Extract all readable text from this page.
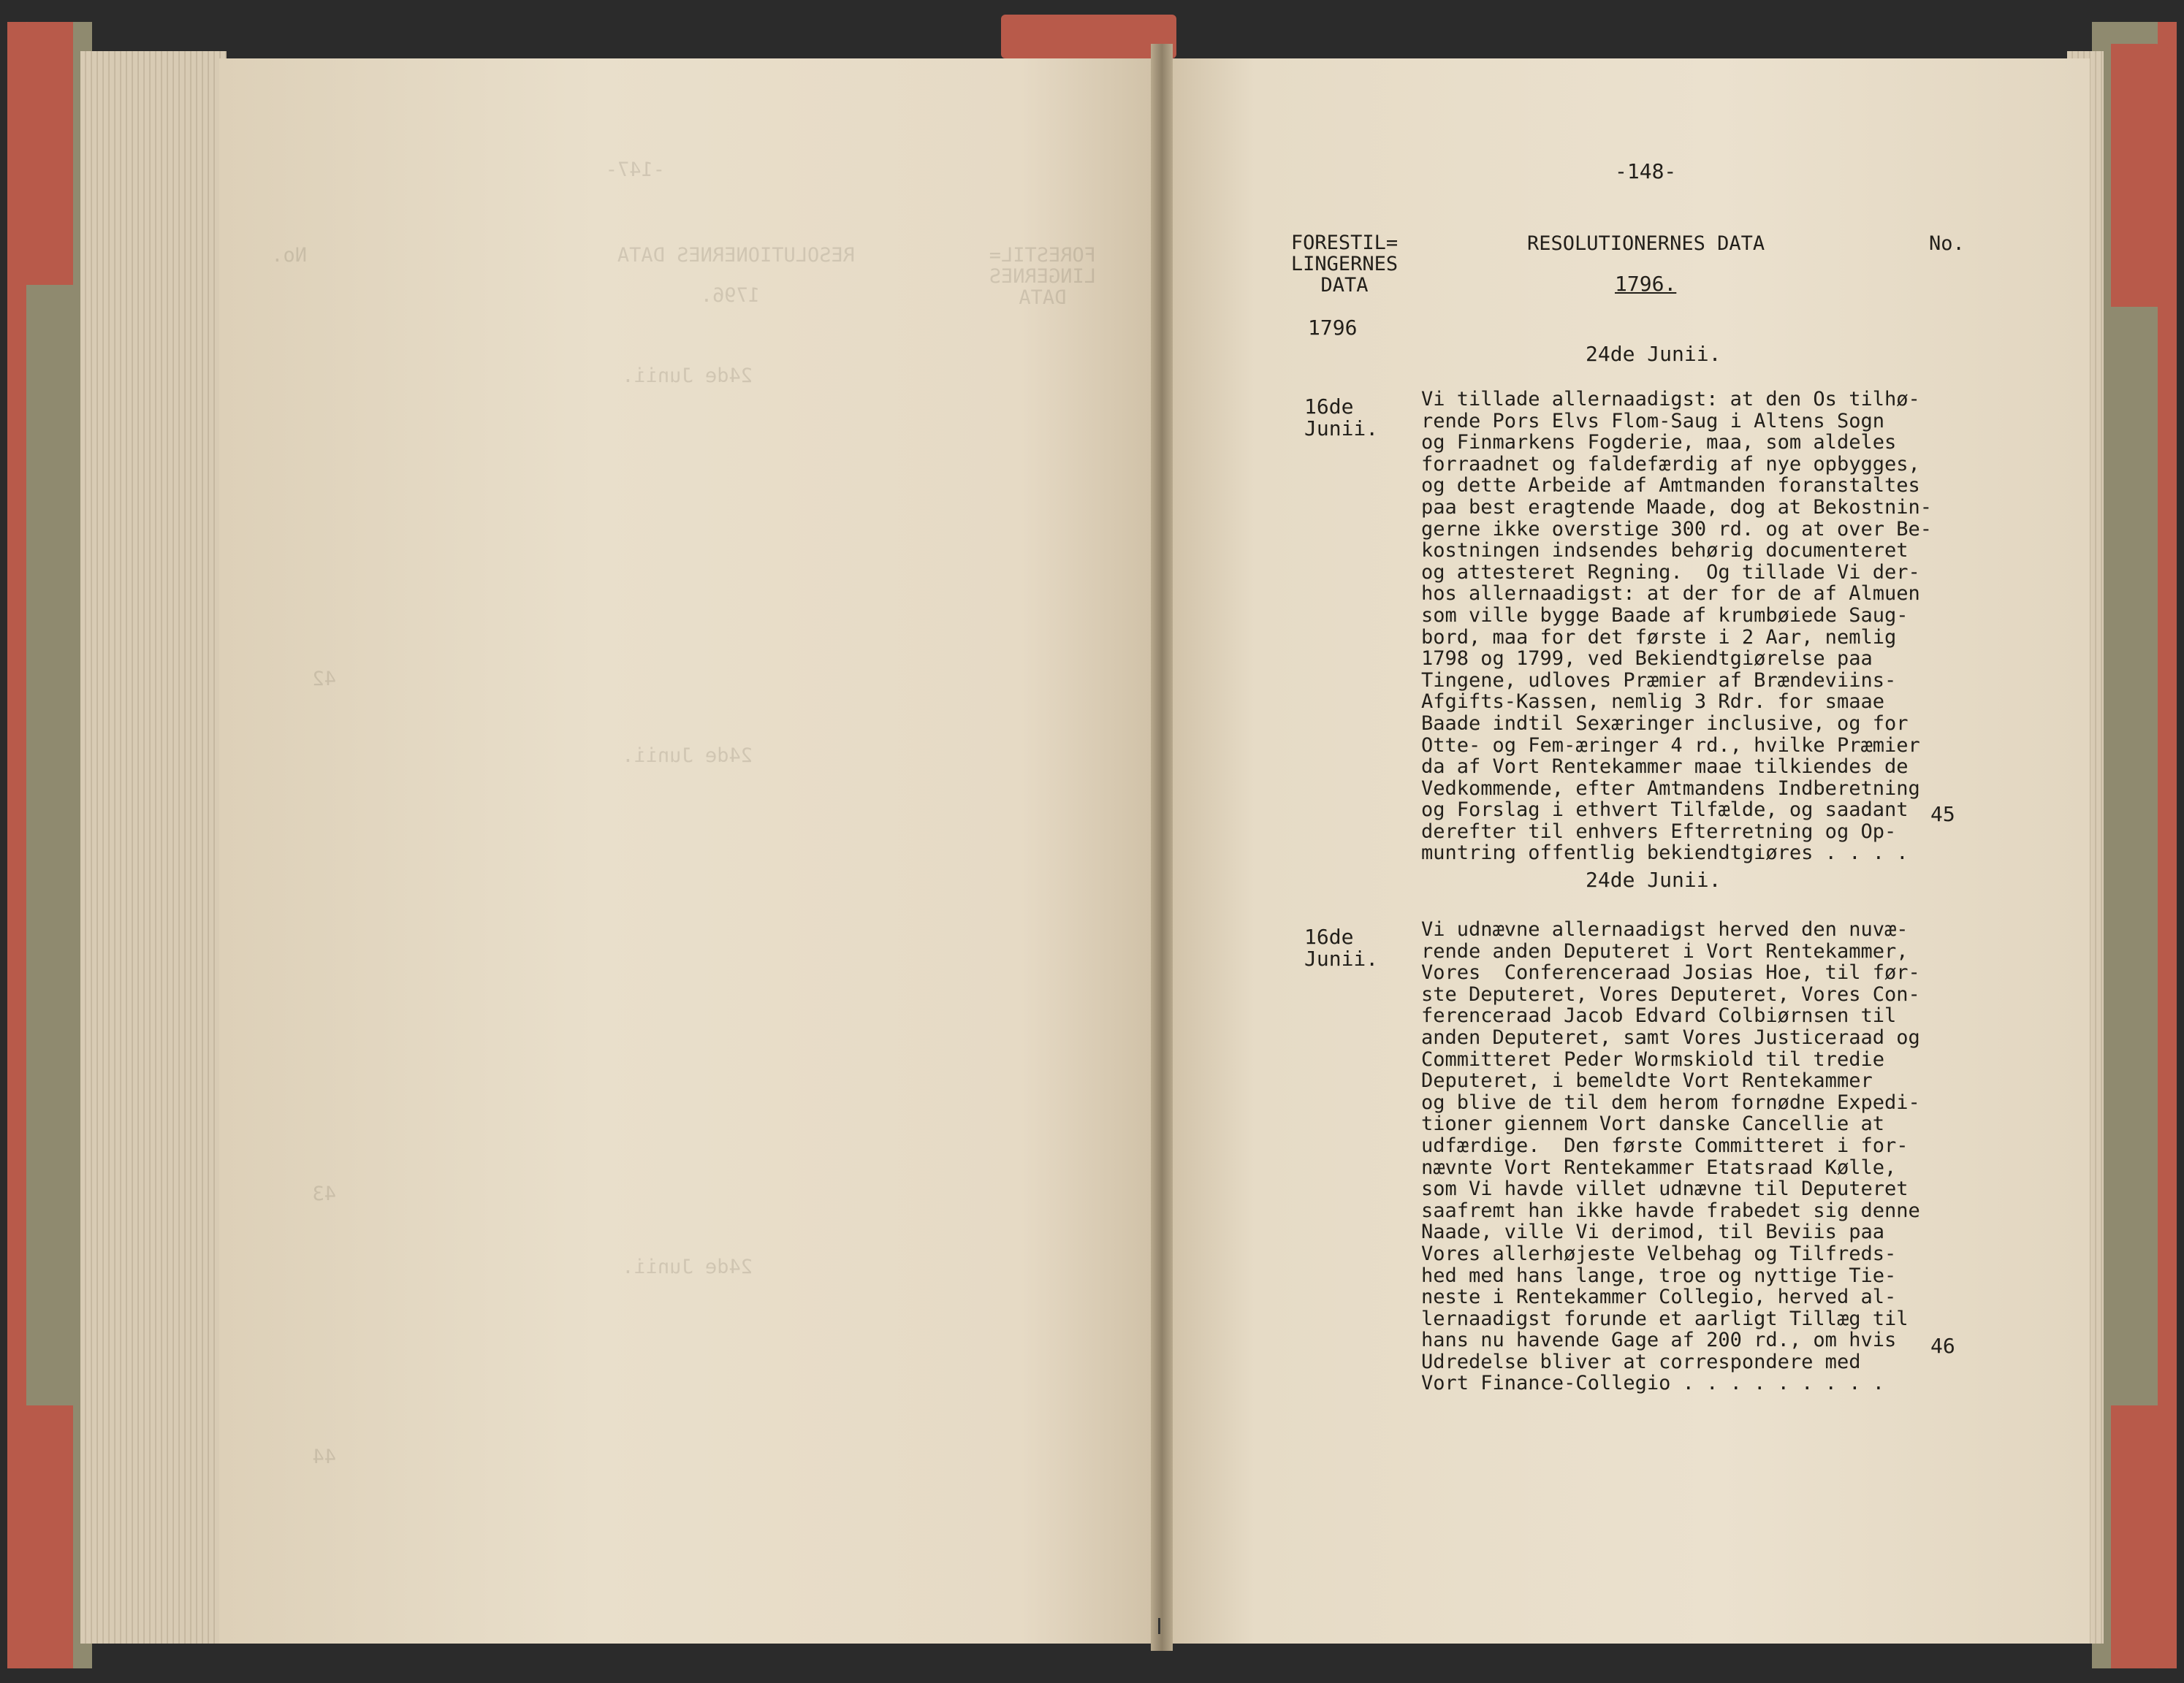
-147-
RESOLUTIONERNES DATA
No.	FORESTIL=
LINGERNES
DATA
1796.
24de Junii.
24de Junii.
24de Junii.
42
43
44
-148-
FORESTIL=
LINGERNES
DATA
RESOLUTIONERNES DATA	No.
1796.
1796
24de Junii.
16de
Junii.
Vi tillade allernaadigst: at den Os tilhø-
rende Pors Elvs Flom-Saug i Altens Sogn
og Finmarkens Fogderie, maa, som aldeles
forraadnet og faldefærdig af nye opbygges,
og dette Arbeide af Amtmanden foranstaltes
paa best eragtende Maade, dog at Bekostnin-
gerne ikke overstige 300 rd. og at over Be-
kostningen indsendes behørig documenteret
og attesteret Regning.  Og tillade Vi der-
hos allernaadigst: at der for de af Almuen
som ville bygge Baade af krumbøiede Saug-
bord, maa for det første i 2 Aar, nemlig
1798 og 1799, ved Bekiendtgiørelse paa
Tingene, udloves Præmier af Brændeviins-
Afgifts-Kassen, nemlig 3 Rdr. for smaae
Baade indtil Sexæringer inclusive, og for
Otte- og Fem-æringer 4 rd., hvilke Præmier
da af Vort Rentekammer maae tilkiendes de
Vedkommende, efter Amtmandens Indberetning
og Forslag i ethvert Tilfælde, og saadant
derefter til enhvers Efterretning og Op-
muntring offentlig bekiendtgiøres . . . .
45
24de Junii.
16de
Junii.
Vi udnævne allernaadigst herved den nuvæ-
rende anden Deputeret i Vort Rentekammer,
Vores  Conferenceraad Josias Hoe, til før-
ste Deputeret, Vores Deputeret, Vores Con-
ferenceraad Jacob Edvard Colbiørnsen til
anden Deputeret, samt Vores Justiceraad og
Committeret Peder Wormskiold til tredie
Deputeret, i bemeldte Vort Rentekammer
og blive de til dem herom fornødne Expedi-
tioner giennem Vort danske Cancellie at
udfærdige.  Den første Committeret i for-
nævnte Vort Rentekammer Etatsraad Kølle,
som Vi havde villet udnævne til Deputeret
saafremt han ikke havde frabedet sig denne
Naade, ville Vi derimod, til Beviis paa
Vores allerhøjeste Velbehag og Tilfreds-
hed med hans lange, troe og nyttige Tie-
neste i Rentekammer Collegio, herved al-
lernaadigst forunde et aarligt Tillæg til
hans nu havende Gage af 200 rd., om hvis
Udredelse bliver at correspondere med
Vort Finance-Collegio . . . . . . . . .
46
